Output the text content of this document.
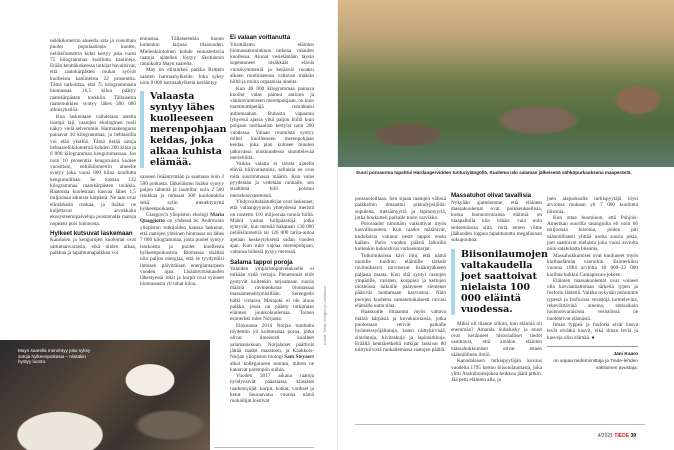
nelökilometrin alueella sata ja vuosittain puolet populaatiosta kuolee, neliökilometrin kohti kertyy joka vuosi 75 kilogrammaa kuollutta kaniineja. Erään kenttäkokeessa tutkijat havaitsivat, että raatokärpästen toukat syövät kuolleista kaniineista 22 prosenttia. Tämä tarkoittaa, että 75 kilogrammasta biomassaa 16,5 kiloa päätyy raatokärpästen toukkiin. Tällaisesta raatotoukkien syntyy lähes 200 000 aikuisyksilöä.

Kun laskentaan vaihdetaan astetta isompi laji, raatojen ekologinen rooli näkyy vielä selvemmin. Harmaakengurut painavat 30 kilogrammaa, ja hehtaarilla voi elää yksilöä. Tämä tietää satoja hehtaarelökilometriä kohden 200 kiloa ja 6 000 kilogrammaa kengurumassaa. Jos noin 10 prosenttia kenguruista kuolee vuosittain, neliökilometrin alueelle syntyy joka vuosi 600 kiloa kuollutta kengurunlihaa. Se tuottaa 132 kilogrammaa raatokärpästen toukkia. Raatoista kuolestaan kasvaa lähes 1,5 miljoonaa aikuista kärpästä. Ne taas ovat elintärkeää ruokaa, ja lisäksi ne kuljettavat arvokkaita ekosysteemipalveluja poistamalla raatoja nopeasti pois luonnosta.

Hylkeet kutsuvat laskemaan

Kaniinien ja kengurujen kuolemat ovat sattumanvaraisia, eikä niiden aikaa, paikkaa ja tapahtumapaikkaa voi

ennustaa. Tällaiseenkin luonto kuitenkin tarjoaa tilaisuuden. Mielenkiintoinen kohde ennustettavia raatoja ajatellen löytyy Skotlannin rannikolta Mayn saarelta.

May on elintärkeä paikka Brittein saarten harmaahylkeille. Joka syksy noin 8 000 harmaahylkettä kerääntyy

Valaasta syntyy lähes kuolleeseen merenpohjaan keidas, joka alkaa kuhista elämää.

saareen lisääntymään ja saamaan noin 2 500 poikasta. Jälkeläisten lisäksi syntyy paljon tähteitä ja raumilta: noin 2 500 istukkaa ja rumsaat 300 kuolonuhria sekä sylin menehtynyttä hylkeenpoikasta.

Glasgow'n yliopiston ekologi Maria Quaggiotto on yhdessä St. Andrewsin yliopiston tutkijoiden kanssa laskenut, että raatojen yhteinen biomassa on lähes 7 000 kilogrammaa, josta puolet syntyy istukoista ja puolet kuolleista hylkeenpoikasista. Biomassa sisältää niin paljon energiaa, että se tyydyttäisi ihmisen päivittäisen energiantarpeen vuoden ajan. Lisääntymiskauden lähestyessä lokit ja korpit ovat syöneet biomassasta yli tuhat kiloa.

Ei valaan voittanutta

Yksittäisten eläinten biomassakuninkuus ratkeaa valaiden kuollessa. Ainoat vesielämään täysin sopeutuneet nisäkkäät elävät vuosikymmeniä ja keräävät ruoaksi alkaen ruumiiseensa valtavan määrän hiiltä ja muita orgaanisia aineita.

Kun 40 000 kilogrammaa painava kuollut valas painuu autioon ja vähäravinteiseen merenpohjaan, on kuin mammuttipetäjä romahtaisi autiomaahan. Ruhosta vapautuu lyhyessä ajassa yhtä paljon hiiltä kuin pohjaan normaalisti kertyisi noin 200 vuodessa. Valaan ruumiista syntyy miltei kuolleeseen merenpohjaan keidas, joka pian kuhisee muuten jatkuvassa niukkuudessa sinnittelevää merieliöitä.

Vaikka valaita ei tavata ajatella eläviä hiilivarastoina, sellaisia ne ovat mitä suurimmassa määrin. Kun valas pyydetään ja vedetään rannalle, sen sisältämä hiili poistuu meriekosysteemistä.

Yhdysvaltalaistutkijat ovat laskeneet, että valaanpyynnin yhteydessä meristä on nostettu 110 miljoonaa tonnia hiiltä. Määrä vastaa hiilipäästöjä, jotka syntyvät, kun metsää hakataan 130 000 neliökilometriä tai 128 000 tarila-autoa ajetaan keskeytyksettä sadan vuoden ajan. Kun ruho vajoaa merenpohjaan, valtaosa hiilestä pysyy meressä.

Salama tappoi poroja

Valaiden ympäristöpalvelukselle ei mikään vedä vertoja. Pienemmät eliöt pystyvät kuitenkin tarjoamaan suuria määriä ravinteikasta biomassaa massamenehtymisillään. Serengetin halki virtaava Marajoki ei ole ainoa paikka, jossa on päästy tutkimaan eläinten joukkokuolemaa. Toinen esimerkki tulee Norjasta.

Elokuussa 2016 Norjan tundralta löydettiin yli kolmesataa poroa, jotka olivat ilmeisesti kuolleet salamaniskuun. Norjalaiset päättivät jättää raadot maastoon, ja Kaakkois-Norjan yliopiston biologi Sam Steyaert alkoi kollegoineen seurata, mitren ne katoavat parempiin suihin.

Vuoden 2017 aikana raatoja hyödynsivät pääasiassa klassiset raadonsyöjät: korpit, kotkat, varikset ja ketut. Seuraavana vuonna nämä ruokailijat loistivat

Mayn saarella menehtyy joka syksy satoja hylkeenpoikasia – niistäkin hyötyy luonto.
Kuvat: Getty Images ja Lehtikuva
Suuri poroaurma tapahtui Hardangervidden tunturiylängöllä. Kuolema iski salaman jälkeisenä sähköpurkauksena maaperästä.

poissaoloillaan. Sen sijaan raatojen välissä paikkeihin ilmaantui pikkulypsijöitä: sopuleita, metsämyyriä ja lapinmyyriä, jotka houkutteli paikalle tuore varvikko.

Pororaadot nimittäin vaikuttivat myös kasvillisuuteen. Kun raadot mätänivät, kudoksista valunut neste tappoi ensin kaiken. Parin vuoden päästä laikuilla kuitenkin kukoistivat varksenmarjat.

Tutkimuksissa kävi ilmi, että nämä monille tundran eläimille tärkeät ravintokasvit tarvitsevat lisääntyäkseen paljasta maata. Kun sitä syntyi raatojen ympärille, varisten, korppien ja kettujen ulosteissa laikuille päätyneet siemenet pääsivät tuottamaan kasvustoa. Näin porojen kuolema samanmukaisesti raivasi elämälle uutta tilaa.

Haaskoille ilmaantui myös valtava määrä kärpäsiä ja kovakuoriaisia, jotka puolestaan vetivät paikalle hyönteissyöjälintuja, kuten niittykirvisiä, sinirintoja, kivitaskuja ja lapinsirkkuja. Eräällä kenttäretkellä tutkijat laskivat 80 niittykirvistä ruokailemassa raatojen päällä.

Massatuhot olivat tavallisia

Nykyään ajattelemme, että eläinten massakuolemat ovat poikkeuksellisia, koska luonnonvaraisia eläimiä on maapallolla niin vähän: vain noin seitsemäsosa siitä, mitä ennen viime jääkauden loppua tapahtunutta megafaunan sukupuuttoa.

Biisonilaumojen valtakaudella joet saattoivat nielaista 100 000 eläintä vuodessa.

Miksi oli tilanne silloin, kun eläimiä oli enemmän? Amanda Subalusky ja muut ovat keränneet historialliset tiedot osoittavat, että ainakin eläinten massahukkumiset olivat ennen säännöllinen ilmiö.

Kanadalaisen turkispyytäjän kuvaus vuodelta 1795 kertoo biisonilaumasta, joka ylitti Assiniboinejokea heikkoa jäätä pitkin. Jää petti eläinten alla, ja

joen alajuoksulta turkispyytäjä löysi arvionsa mukaan yli 7 000 kuollutta biisonia.

Kun ottaa huomioon, että Pohjois-Amerikan suurilla tasangoilla eli noin 60 miljoonaa biisonia, joiden piti säännöllisesti ylittää useita suuria jokia, joet saattoivat nielaista joka vuosi arviolta noin satatuhatta biisonia.

Massahukkumiset ovat kuuluneet myös karibuelämän vaaroihin. Esimerkiksi vuonna 1984 arviolta 10 000–22 000 karibua hukkui Caniapiscau-jokeen.

Eläinten massakuolemat ovat voineet olla korvaamattoman tärkeitä typen ja fosforin lähteitä. Vaikka nykyään puhumme typestä ja fosforista vesistöjä turmelevina, rehevöittävinä aineina, entisaikain luonnonvaraisissa vesistöissä ne huolehtivat elämästä.

Ilman typpeä ja fosforia eivät kasva levät eivätkä kasvit, eikä ilman leviä ja kasveja olisi elämää. ●

Jani Kaaro
on vapaa tiedetoimittaja ja Tiede-lehden vakituinen avustaja.
4/2021 TIEDE 39
